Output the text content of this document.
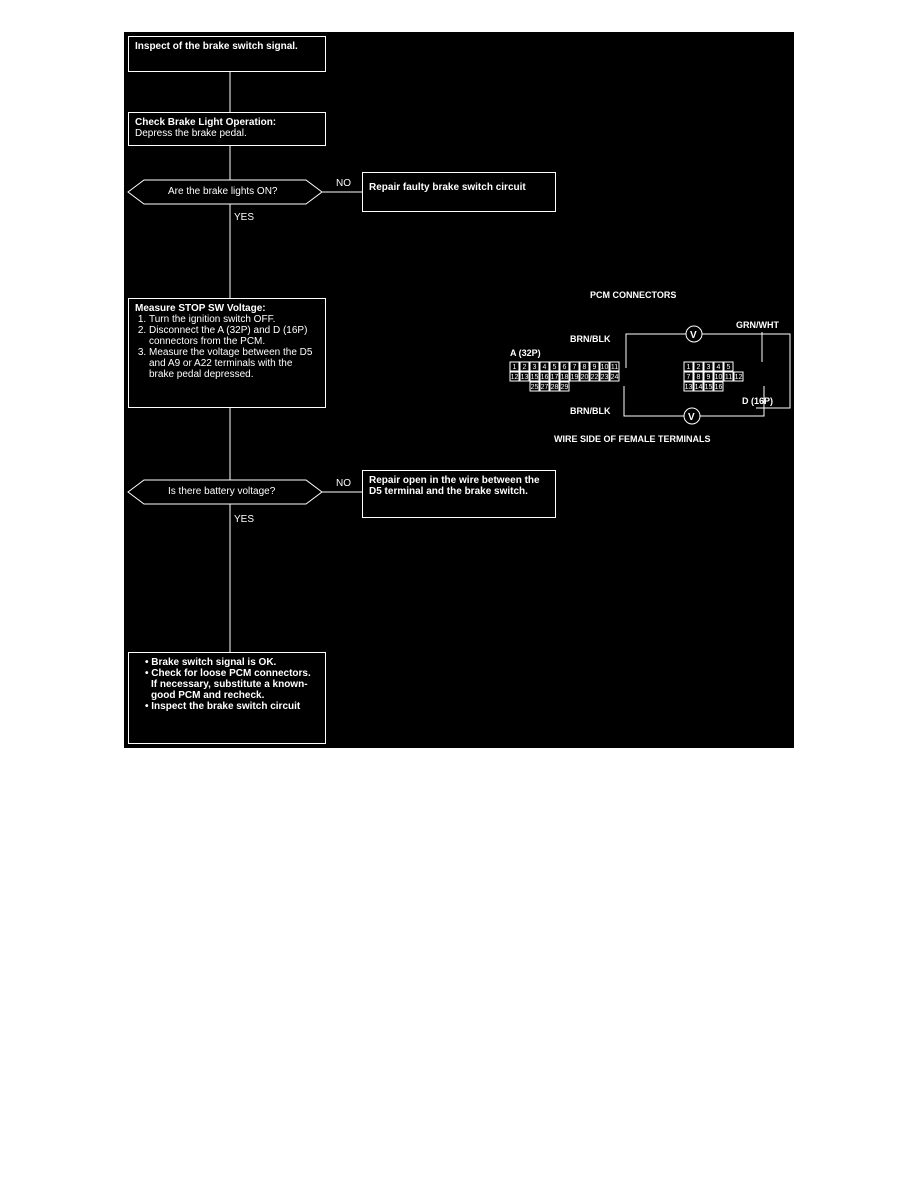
Inspect of the brake switch signal.
Check Brake Light Operation:
Depress the brake pedal.
Are the brake lights ON?
NO	Repair faulty brake switch circuit
YES
Measure STOP SW Voltage:
1. Turn the ignition switch OFF.
2. Disconnect the A (32P) and D (16P) connectors from the PCM.
3. Measure the voltage between the D5 and A9 or A22 terminals with the brake pedal depressed.
Is there battery voltage?
NO	Repair open in the wire between the D5 terminal and the brake switch.
YES
• Brake switch signal is OK.
• Check for loose PCM connectors.
If necessary, substitute a known-good PCM and recheck.
• Inspect the brake switch circuit
PCM CONNECTORS
BRN/BLK
GRN/WHT
A (32P)
BRN/BLK
D (16P)
WIRE SIDE OF FEMALE TERMINALS
1 2 3 4 5 6 7 8 9 10 11
12 13 15 16 17 18 19 20 22 23 24
25 27 28 29
1 2 3 4 5
7 8 9 10 11 12
13 14 15 16
V
V
